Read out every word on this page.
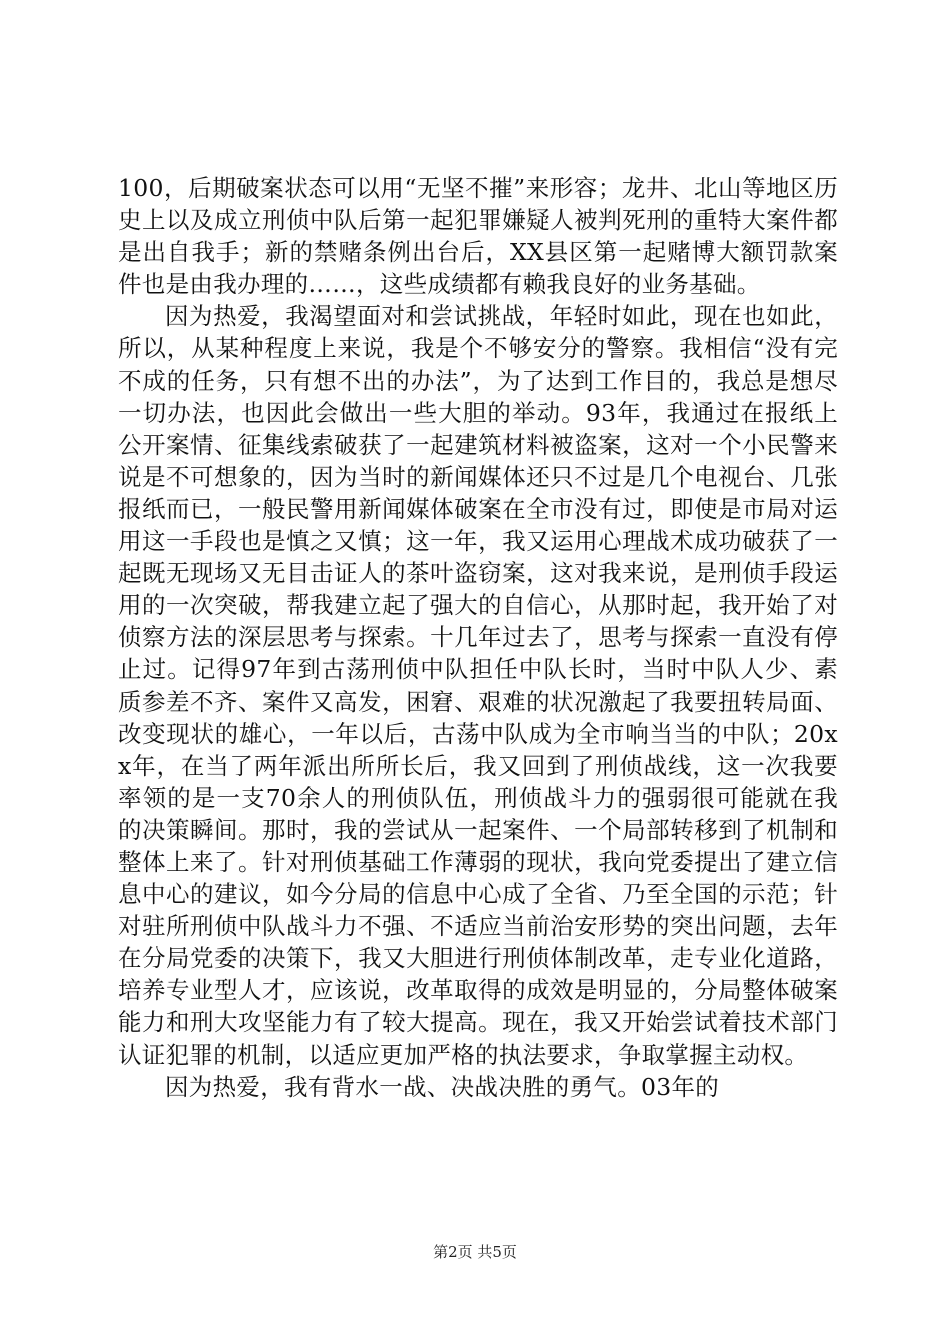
100，后期破案状态可以用“无坚不摧”来形容；龙井、北山等地区历史上以及成立刑侦中队后第一起犯罪嫌疑人被判死刑的重特大案件都是出自我手；新的禁赌条例出台后，XX县区第一起赌博大额罚款案件也是由我办理的……，这些成绩都有赖我良好的业务基础。

因为热爱，我渴望面对和尝试挑战，年轻时如此，现在也如此，所以，从某种程度上来说，我是个不够安分的警察。我相信“没有完不成的任务，只有想不出的办法”，为了达到工作目的，我总是想尽一切办法，也因此会做出一些大胆的举动。93年，我通过在报纸上公开案情、征集线索破获了一起建筑材料被盗案，这对一个小民警来说是不可想象的，因为当时的新闻媒体还只不过是几个电视台、几张报纸而已，一般民警用新闻媒体破案在全市没有过，即使是市局对运用这一手段也是慎之又慎；这一年，我又运用心理战术成功破获了一起既无现场又无目击证人的茶叶盗窃案，这对我来说，是刑侦手段运用的一次突破，帮我建立起了强大的自信心，从那时起，我开始了对侦察方法的深层思考与探索。十几年过去了，思考与探索一直没有停止过。记得97年到古荡刑侦中队担任中队长时，当时中队人少、素质参差不齐、案件又高发，困窘、艰难的状况激起了我要扭转局面、改变现状的雄心，一年以后，古荡中队成为全市响当当的中队；20xx年，在当了两年派出所所长后，我又回到了刑侦战线，这一次我要率领的是一支70余人的刑侦队伍，刑侦战斗力的强弱很可能就在我的决策瞬间。那时，我的尝试从一起案件、一个局部转移到了机制和整体上来了。针对刑侦基础工作薄弱的现状，我向党委提出了建立信息中心的建议，如今分局的信息中心成了全省、乃至全国的示范；针对驻所刑侦中队战斗力不强、不适应当前治安形势的突出问题，去年在分局党委的决策下，我又大胆进行刑侦体制改革，走专业化道路，培养专业型人才，应该说，改革取得的成效是明显的，分局整体破案能力和刑大攻坚能力有了较大提高。现在，我又开始尝试着技术部门认证犯罪的机制，以适应更加严格的执法要求，争取掌握主动权。

因为热爱，我有背水一战、决战决胜的勇气。03年的

第2页 共5页
